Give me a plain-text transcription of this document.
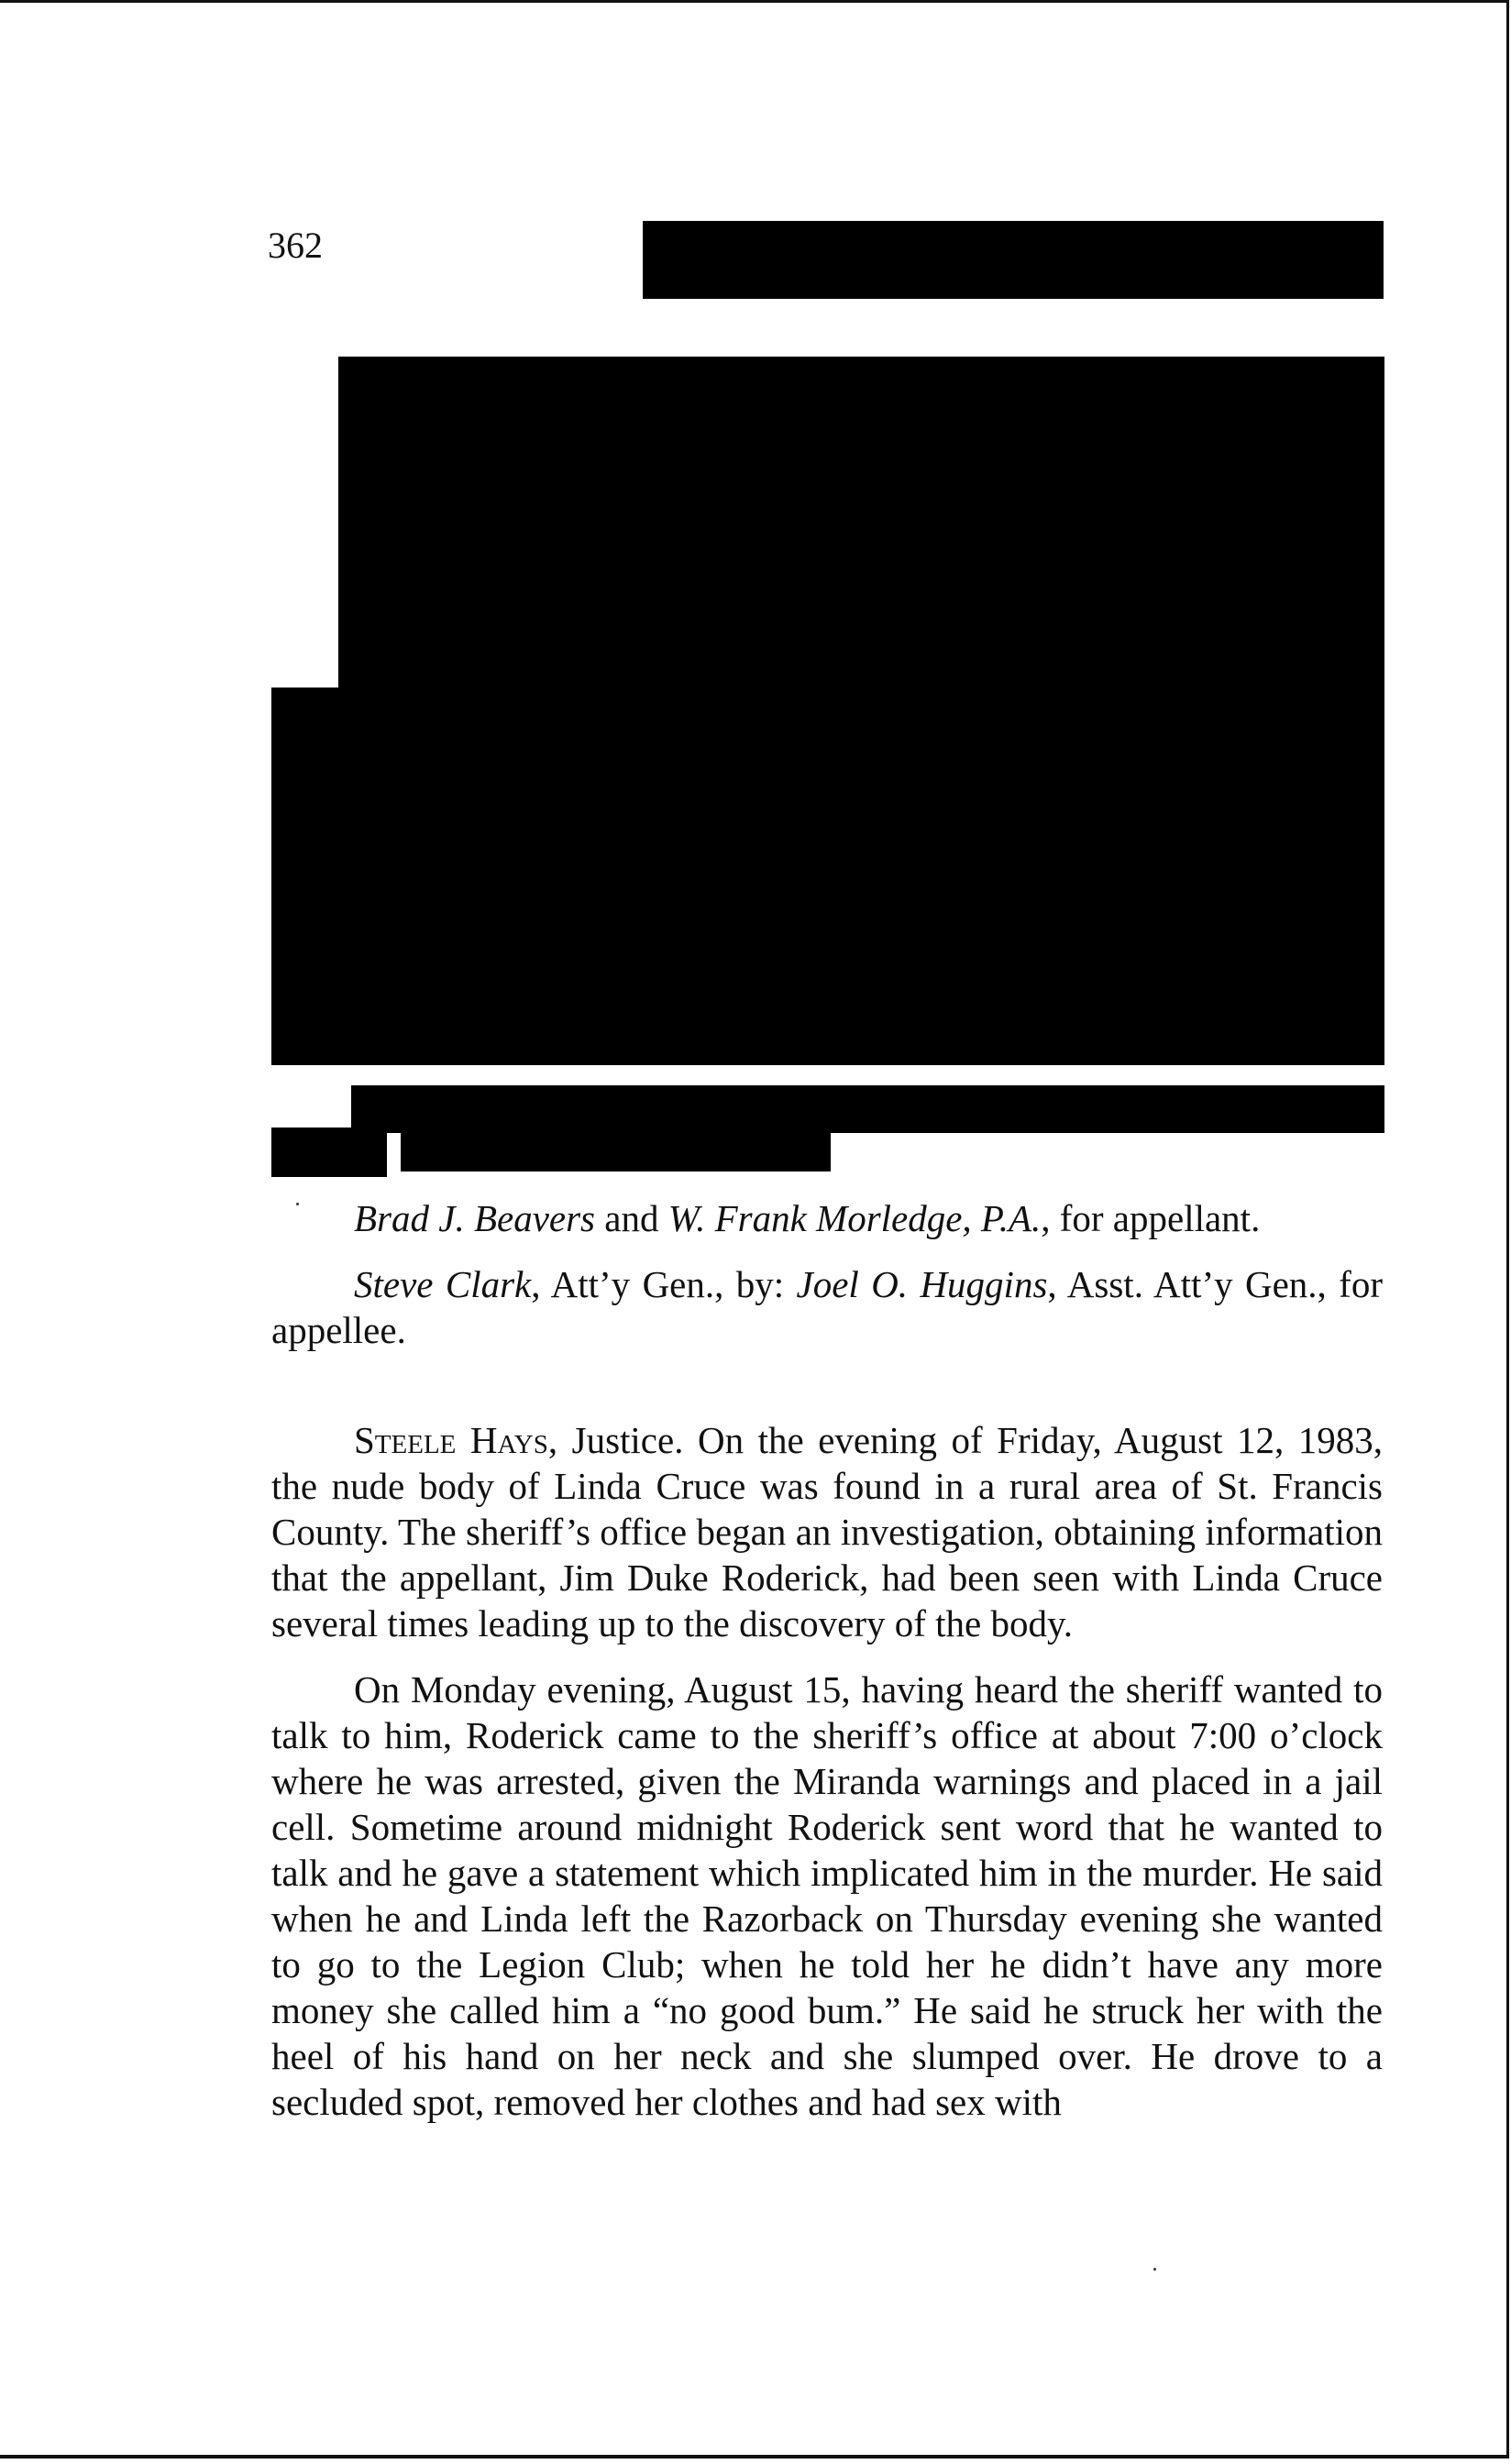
362

Brad J. Beavers and W. Frank Morledge, P.A., for appellant.

Steve Clark, Att’y Gen., by: Joel O. Huggins, Asst. Att’y Gen., for appellee.

Steele Hays, Justice. On the evening of Friday, August 12, 1983, the nude body of Linda Cruce was found in a rural area of St. Francis County. The sheriff’s office began an investigation, obtaining information that the appellant, Jim Duke Roderick, had been seen with Linda Cruce several times leading up to the discovery of the body.

On Monday evening, August 15, having heard the sheriff wanted to talk to him, Roderick came to the sheriff’s office at about 7:00 o’clock where he was arrested, given the Miranda warnings and placed in a jail cell. Sometime around midnight Roderick sent word that he wanted to talk and he gave a statement which implicated him in the murder. He said when he and Linda left the Razorback on Thursday evening she wanted to go to the Legion Club; when he told her he didn’t have any more money she called him a “no good bum.” He said he struck her with the heel of his hand on her neck and she slumped over. He drove to a secluded spot, removed her clothes and had sex with
